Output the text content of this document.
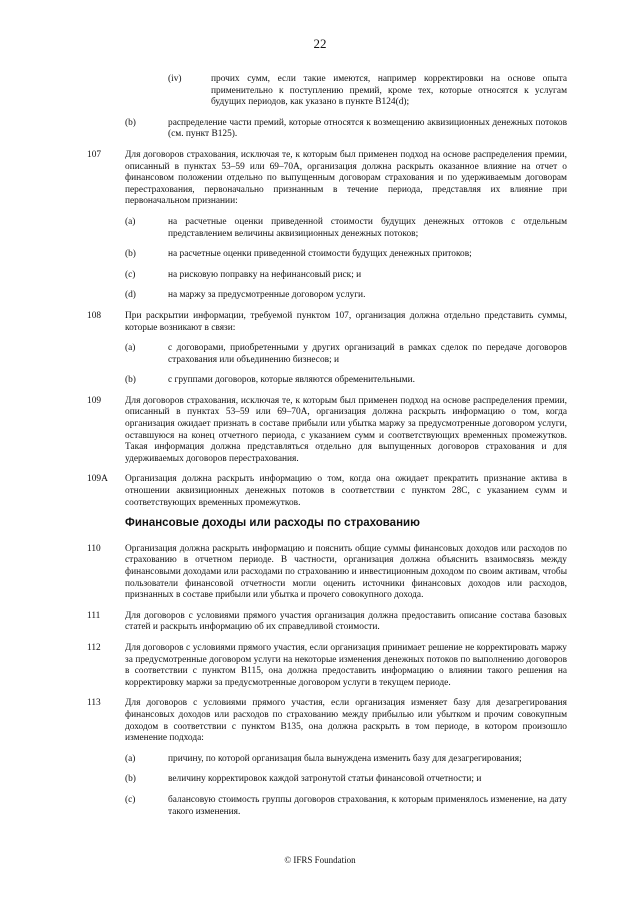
22
(iv)	прочих сумм, если такие имеются, например корректировки на основе опыта применительно к поступлению премий, кроме тех, которые относятся к услугам будущих периодов, как указано в пункте B124(d);
(b)	распределение части премий, которые относятся к возмещению аквизиционных денежных потоков (см. пункт B125).
107	Для договоров страхования, исключая те, к которым был применен подход на основе распределения премии, описанный в пунктах 53–59 или 69–70А, организация должна раскрыть оказанное влияние на отчет о финансовом положении отдельно по выпущенным договорам страхования и по удерживаемым договорам перестрахования, первоначально признанным в течение периода, представляя их влияние при первоначальном признании:
(a)	на расчетные оценки приведенной стоимости будущих денежных оттоков с отдельным представлением величины аквизиционных денежных потоков;
(b)	на расчетные оценки приведенной стоимости будущих денежных притоков;
(c)	на рисковую поправку на нефинансовый риск; и
(d)	на маржу за предусмотренные договором услуги.
108	При раскрытии информации, требуемой пунктом 107, организация должна отдельно представить суммы, которые возникают в связи:
(a)	с договорами, приобретенными у других организаций в рамках сделок по передаче договоров страхования или объединению бизнесов; и
(b)	с группами договоров, которые являются обременительными.
109	Для договоров страхования, исключая те, к которым был применен подход на основе распределения премии, описанный в пунктах 53–59 или 69–70А, организация должна раскрыть информацию о том, когда организация ожидает признать в составе прибыли или убытка маржу за предусмотренные договором услуги, оставшуюся на конец отчетного периода, с указанием сумм и соответствующих временных промежутков. Такая информация должна представляться отдельно для выпущенных договоров страхования и для удерживаемых договоров перестрахования.
109A Организация должна раскрыть информацию о том, когда она ожидает прекратить признание актива в отношении аквизиционных денежных потоков в соответствии с пунктом 28С, с указанием сумм и соответствующих временных промежутков.
Финансовые доходы или расходы по страхованию
110	Организация должна раскрыть информацию и пояснить общие суммы финансовых доходов или расходов по страхованию в отчетном периоде. В частности, организация должна объяснить взаимосвязь между финансовыми доходами или расходами по страхованию и инвестиционным доходом по своим активам, чтобы пользователи финансовой отчетности могли оценить источники финансовых доходов или расходов, признанных в составе прибыли или убытка и прочего совокупного дохода.
111	Для договоров с условиями прямого участия организация должна предоставить описание состава базовых статей и раскрыть информацию об их справедливой стоимости.
112	Для договоров с условиями прямого участия, если организация принимает решение не корректировать маржу за предусмотренные договором услуги на некоторые изменения денежных потоков по выполнению договоров в соответствии с пунктом B115, она должна предоставить информацию о влиянии такого решения на корректировку маржи за предусмотренные договором услуги в текущем периоде.
113	Для договоров с условиями прямого участия, если организация изменяет базу для дезагрегирования финансовых доходов или расходов по страхованию между прибылью или убытком и прочим совокупным доходом в соответствии с пунктом B135, она должна раскрыть в том периоде, в котором произошло изменение подхода:
(a)	причину, по которой организация была вынуждена изменить базу для дезагрегирования;
(b)	величину корректировок каждой затронутой статьи финансовой отчетности; и
(c)	балансовую стоимость группы договоров страхования, к которым применялось изменение, на дату такого изменения.
© IFRS Foundation
